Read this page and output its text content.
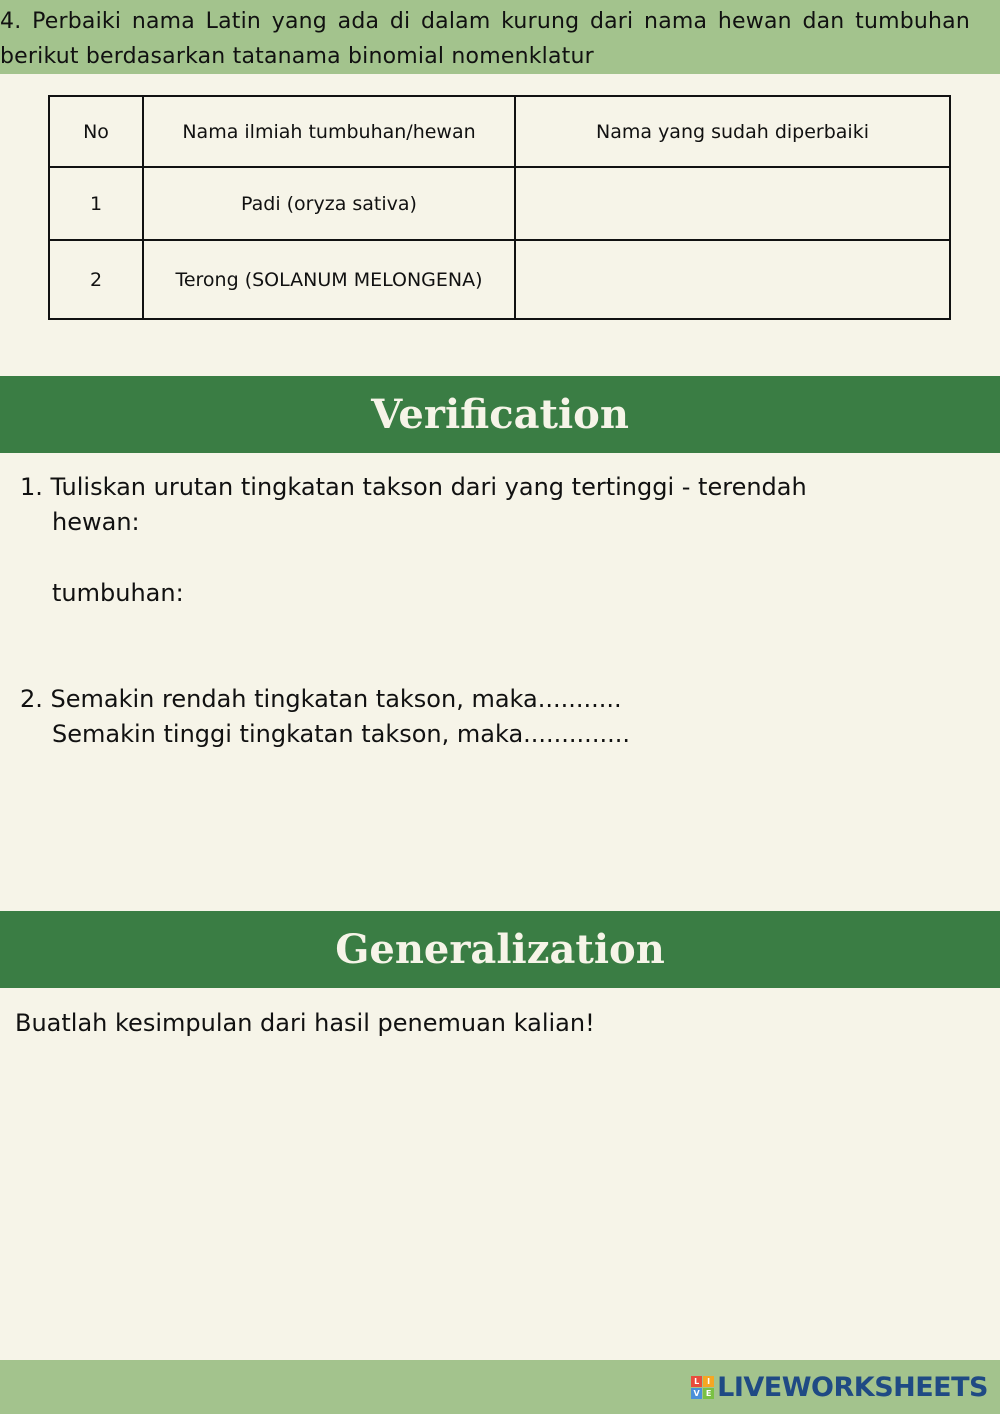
4. Perbaiki nama Latin yang ada di dalam kurung dari nama hewan dan tumbuhan berikut berdasarkan tatanama binomial nomenklatur
No	Nama ilmiah tumbuhan/hewan	Nama yang sudah diperbaiki
1	Padi (oryza sativa)	
2	Terong (SOLANUM MELONGENA)	
Verification
1. Tuliskan urutan tingkatan takson dari yang tertinggi - terendah
hewan:
tumbuhan:
2. Semakin rendah tingkatan takson, maka...........
Semakin tinggi tingkatan takson, maka..............
Generalization
Buatlah kesimpulan dari hasil penemuan kalian!
L I
V E LIVEWORKSHEETS
